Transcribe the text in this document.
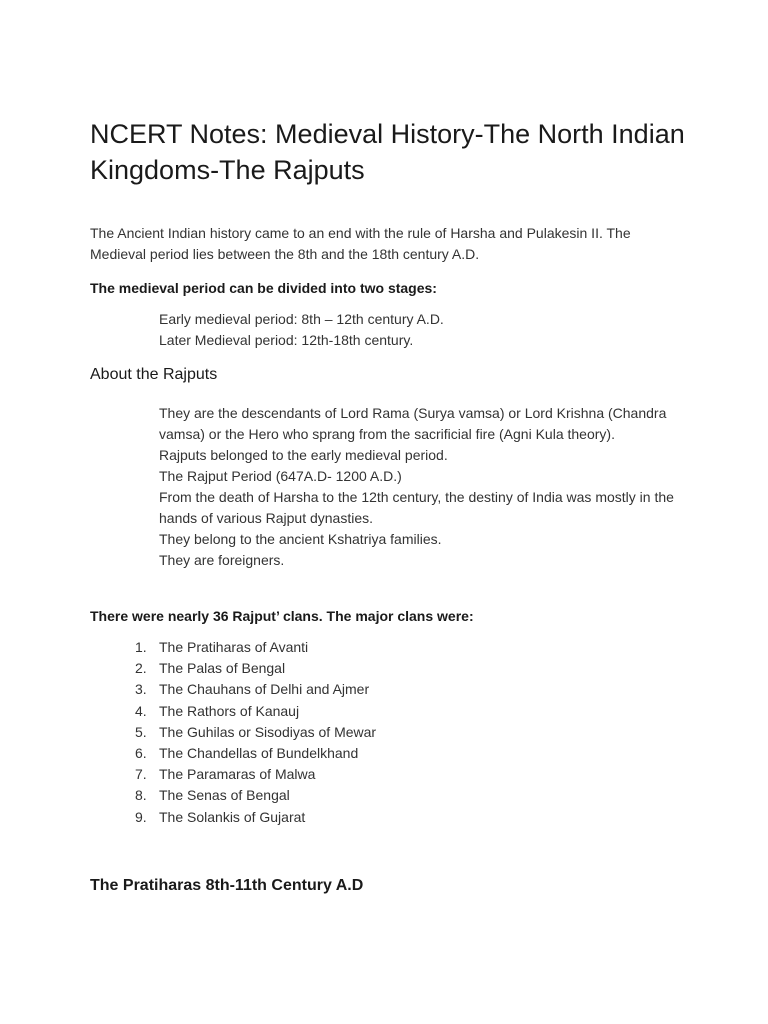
NCERT Notes: Medieval History-The North Indian Kingdoms-The Rajputs

The Ancient Indian history came to an end with the rule of Harsha and Pulakesin II. The Medieval period lies between the 8th and the 18th century A.D.

The medieval period can be divided into two stages:

Early medieval period: 8th – 12th century A.D.
Later Medieval period: 12th-18th century.
About the Rajputs
They are the descendants of Lord Rama (Surya vamsa) or Lord Krishna (Chandra vamsa) or the Hero who sprang from the sacrificial fire (Agni Kula theory).
Rajputs belonged to the early medieval period.
The Rajput Period (647A.D- 1200 A.D.)
From the death of Harsha to the 12th century, the destiny of India was mostly in the hands of various Rajput dynasties.
They belong to the ancient Kshatriya families.
They are foreigners.

There were nearly 36 Rajput’ clans. The major clans were:

1. The Pratiharas of Avanti
2. The Palas of Bengal
3. The Chauhans of Delhi and Ajmer
4. The Rathors of Kanauj
5. The Guhilas or Sisodiyas of Mewar
6. The Chandellas of Bundelkhand
7. The Paramaras of Malwa
8. The Senas of Bengal
9. The Solankis of Gujarat
The Pratiharas 8th-11th Century A.D
